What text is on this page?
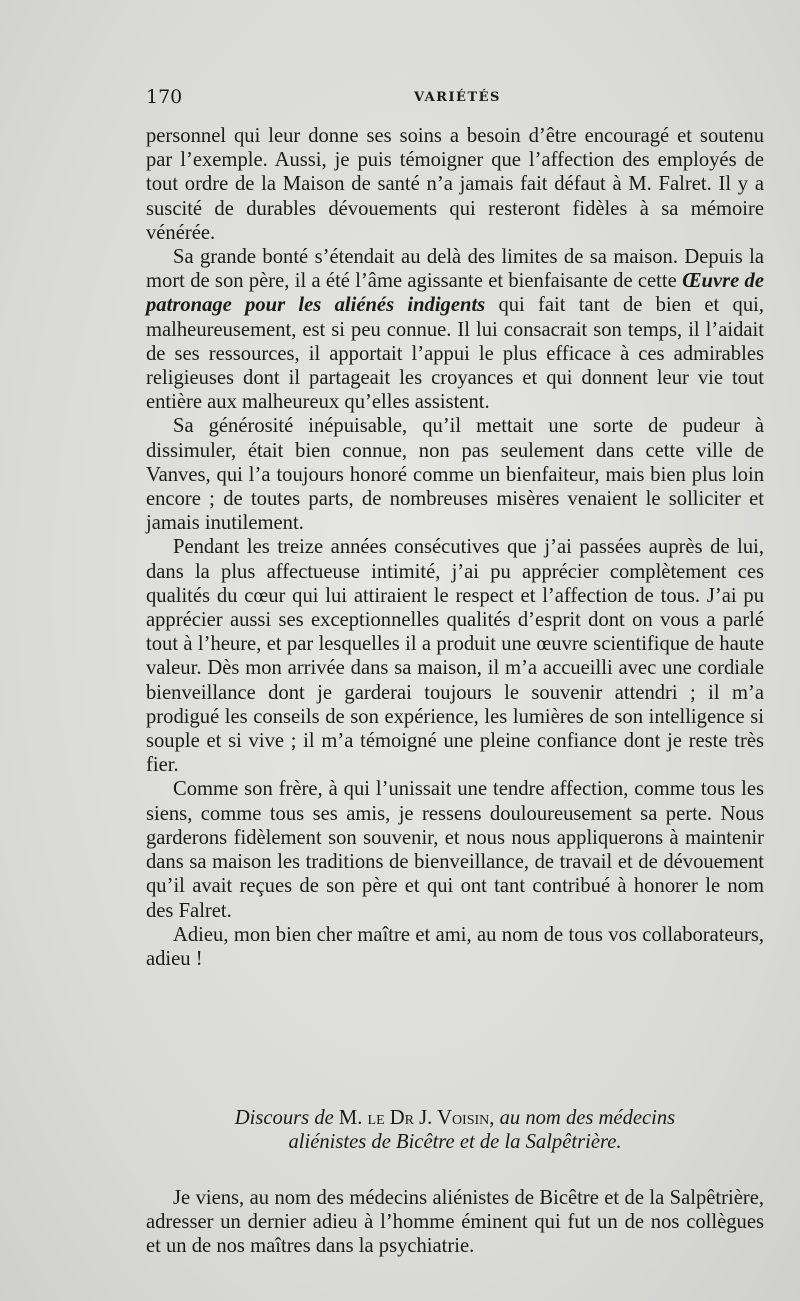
170	VARIÉTÉS

personnel qui leur donne ses soins a besoin d’être encouragé et soutenu par l’exemple. Aussi, je puis témoigner que l’affection des employés de tout ordre de la Maison de santé n’a jamais fait défaut à M. Falret. Il y a suscité de durables dévouements qui resteront fidèles à sa mémoire vénérée.

Sa grande bonté s’étendait au delà des limites de sa maison. Depuis la mort de son père, il a été l’âme agissante et bienfaisante de cette Œuvre de patronage pour les aliénés indigents qui fait tant de bien et qui, malheureusement, est si peu connue. Il lui consacrait son temps, il l’aidait de ses ressources, il apportait l’appui le plus efficace à ces admirables religieuses dont il partageait les croyances et qui donnent leur vie tout entière aux malheureux qu’elles assistent.

Sa générosité inépuisable, qu’il mettait une sorte de pudeur à dissimuler, était bien connue, non pas seulement dans cette ville de Vanves, qui l’a toujours honoré comme un bienfaiteur, mais bien plus loin encore ; de toutes parts, de nombreuses misères venaient le solliciter et jamais inutilement.

Pendant les treize années consécutives que j’ai passées auprès de lui, dans la plus affectueuse intimité, j’ai pu apprécier complètement ces qualités du cœur qui lui attiraient le respect et l’affection de tous. J’ai pu apprécier aussi ses exceptionnelles qualités d’esprit dont on vous a parlé tout à l’heure, et par lesquelles il a produit une œuvre scientifique de haute valeur. Dès mon arrivée dans sa maison, il m’a accueilli avec une cordiale bienveillance dont je garderai toujours le souvenir attendri ; il m’a prodigué les conseils de son expérience, les lumières de son intelligence si souple et si vive ; il m’a témoigné une pleine confiance dont je reste très fier.

Comme son frère, à qui l’unissait une tendre affection, comme tous les siens, comme tous ses amis, je ressens douloureusement sa perte. Nous garderons fidèlement son souvenir, et nous nous appliquerons à maintenir dans sa maison les traditions de bienveillance, de travail et de dévouement qu’il avait reçues de son père et qui ont tant contribué à honorer le nom des Falret.

Adieu, mon bien cher maître et ami, au nom de tous vos collaborateurs, adieu !

Discours de M. le Dr J. Voisin, au nom des médecins
aliénistes de Bicêtre et de la Salpêtrière.

Je viens, au nom des médecins aliénistes de Bicêtre et de la Salpêtrière, adresser un dernier adieu à l’homme éminent qui fut un de nos collègues et un de nos maîtres dans la psychiatrie.
